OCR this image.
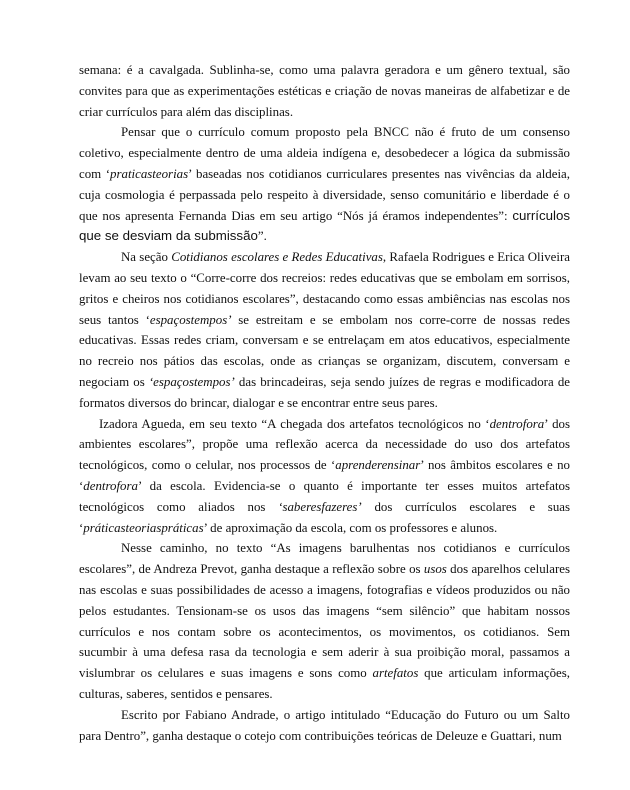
semana: é a cavalgada. Sublinha-se, como uma palavra geradora e um gênero textual, são convites para que as experimentações estéticas e criação de novas maneiras de alfabetizar e de criar currículos para além das disciplinas.

Pensar que o currículo comum proposto pela BNCC não é fruto de um consenso coletivo, especialmente dentro de uma aldeia indígena e, desobedecer a lógica da submissão com ‘praticasteorias’ baseadas nos cotidianos curriculares presentes nas vivências da aldeia, cuja cosmologia é perpassada pelo respeito à diversidade, senso comunitário e liberdade é o que nos apresenta Fernanda Dias em seu artigo “Nós já éramos independentes”: currículos que se desviam da submissão”.

Na seção Cotidianos escolares e Redes Educativas, Rafaela Rodrigues e Erica Oliveira levam ao seu texto o “Corre-corre dos recreios: redes educativas que se embolam em sorrisos, gritos e cheiros nos cotidianos escolares”, destacando como essas ambiências nas escolas nos seus tantos ‘espaçostempos’ se estreitam e se embolam nos corre-corre de nossas redes educativas. Essas redes criam, conversam e se entrelaçam em atos educativos, especialmente no recreio nos pátios das escolas, onde as crianças se organizam, discutem, conversam e negociam os ‘espaçostempos’ das brincadeiras, seja sendo juízes de regras e modificadora de formatos diversos do brincar, dialogar e se encontrar entre seus pares.

Izadora Agueda, em seu texto “A chegada dos artefatos tecnológicos no ‘dentrofora’ dos ambientes escolares”, propõe uma reflexão acerca da necessidade do uso dos artefatos tecnológicos, como o celular, nos processos de ‘aprenderensinar’ nos âmbitos escolares e no ‘dentrofora’ da escola. Evidencia-se o quanto é importante ter esses muitos artefatos tecnológicos como aliados nos ‘saberesfazeres’ dos currículos escolares e suas ‘práticasteoriaspráticas’ de aproximação da escola, com os professores e alunos.

Nesse caminho, no texto “As imagens barulhentas nos cotidianos e currículos escolares”, de Andreza Prevot, ganha destaque a reflexão sobre os usos dos aparelhos celulares nas escolas e suas possibilidades de acesso a imagens, fotografias e vídeos produzidos ou não pelos estudantes. Tensionam-se os usos das imagens “sem silêncio” que habitam nossos currículos e nos contam sobre os acontecimentos, os movimentos, os cotidianos. Sem sucumbir à uma defesa rasa da tecnologia e sem aderir à sua proibição moral, passamos a vislumbrar os celulares e suas imagens e sons como artefatos que articulam informações, culturas, saberes, sentidos e pensares.

Escrito por Fabiano Andrade, o artigo intitulado “Educação do Futuro ou um Salto para Dentro”, ganha destaque o cotejo com contribuições teóricas de Deleuze e Guattari, num
